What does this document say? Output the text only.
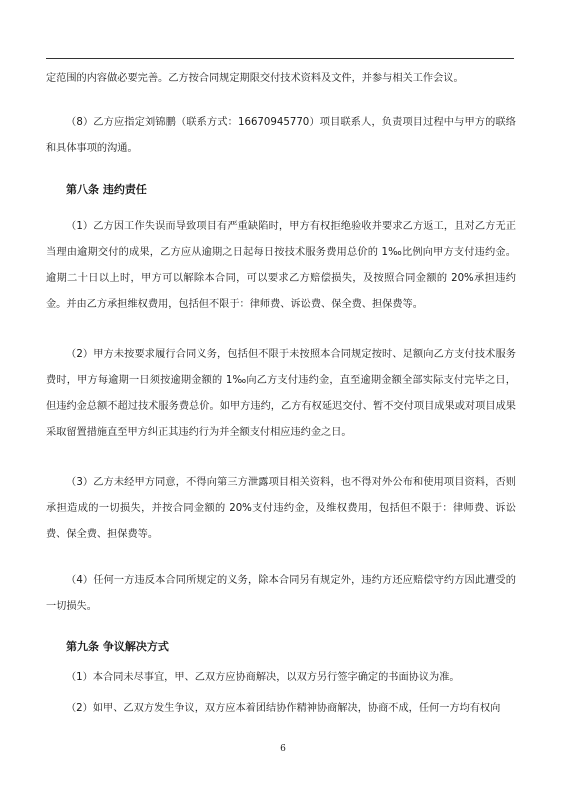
定范围的内容做必要完善。乙方按合同规定期限交付技术资料及文件，并参与相关工作会议。

（8）乙方应指定刘锦鹏（联系方式：16670945770）项目联系人，负责项目过程中与甲方的联络和具体事项的沟通。

第八条 违约责任

（1）乙方因工作失误而导致项目有严重缺陷时，甲方有权拒绝验收并要求乙方返工，且对乙方无正当理由逾期交付的成果，乙方应从逾期之日起每日按技术服务费用总价的 1‰比例向甲方支付违约金。逾期二十日以上时，甲方可以解除本合同，可以要求乙方赔偿损失，及按照合同金额的 20%承担违约金。并由乙方承担维权费用，包括但不限于：律师费、诉讼费、保全费、担保费等。

（2）甲方未按要求履行合同义务，包括但不限于未按照本合同规定按时、足额向乙方支付技术服务费时，甲方每逾期一日须按逾期金额的 1‰向乙方支付违约金，直至逾期金额全部实际支付完毕之日，但违约金总额不超过技术服务费总价。如甲方违约，乙方有权延迟交付、暂不交付项目成果或对项目成果采取留置措施直至甲方纠正其违约行为并全额支付相应违约金之日。

（3）乙方未经甲方同意，不得向第三方泄露项目相关资料，也不得对外公布和使用项目资料，否则承担造成的一切损失，并按合同金额的 20%支付违约金，及维权费用，包括但不限于：律师费、诉讼费、保全费、担保费等。

（4）任何一方违反本合同所规定的义务，除本合同另有规定外，违约方还应赔偿守约方因此遭受的一切损失。

第九条 争议解决方式

（1）本合同未尽事宜，甲、乙双方应协商解决，以双方另行签字确定的书面协议为准。

（2）如甲、乙双方发生争议，双方应本着团结协作精神协商解决，协商不成，任何一方均有权向

6
